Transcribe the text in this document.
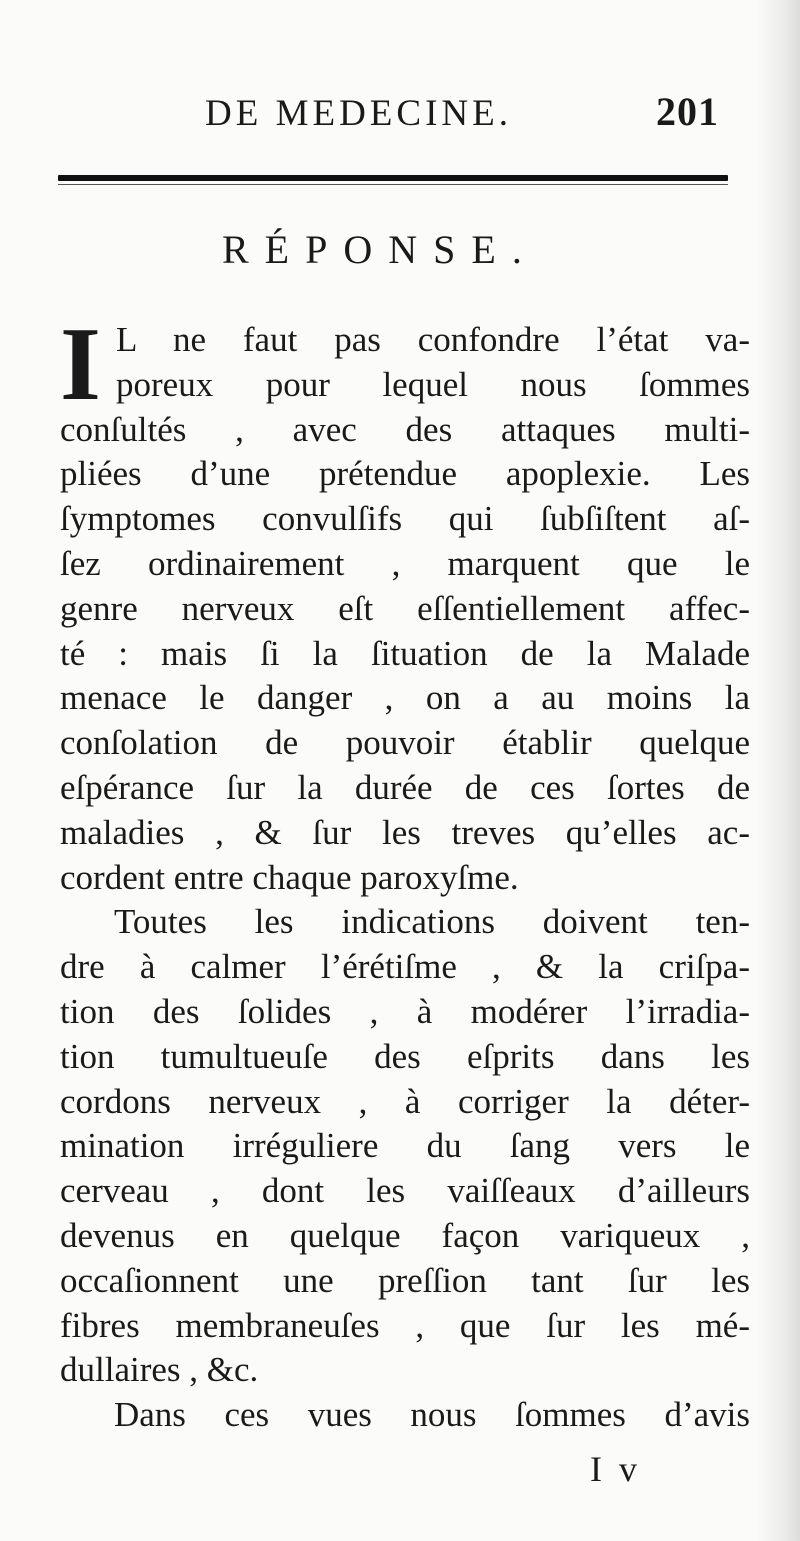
DE MEDECINE.	201
RÉPONSE.
I L ne faut pas confondre l’état va-
poreux pour lequel nous ſommes
conſultés , avec des attaques multi-
pliées d’une prétendue apoplexie. Les
ſymptomes convulſifs qui ſubſiſtent aſ-
ſez ordinairement , marquent que le
genre nerveux eſt eſſentiellement affec-
té : mais ſi la ſituation de la Malade
menace le danger , on a au moins la
conſolation de pouvoir établir quelque
eſpérance ſur la durée de ces ſortes de
maladies , & ſur les treves qu’elles ac-
cordent entre chaque paroxyſme.
Toutes les indications doivent ten-
dre à calmer l’érétiſme , & la criſpa-
tion des ſolides , à modérer l’irradia-
tion tumultueuſe des eſprits dans les
cordons nerveux , à corriger la déter-
mination irréguliere du ſang vers le
cerveau , dont les vaiſſeaux d’ailleurs
devenus en quelque façon variqueux ,
occaſionnent une preſſion tant ſur les
fibres membraneuſes , que ſur les mé-
dullaires , &c.
Dans ces vues nous ſommes d’avis
I v
